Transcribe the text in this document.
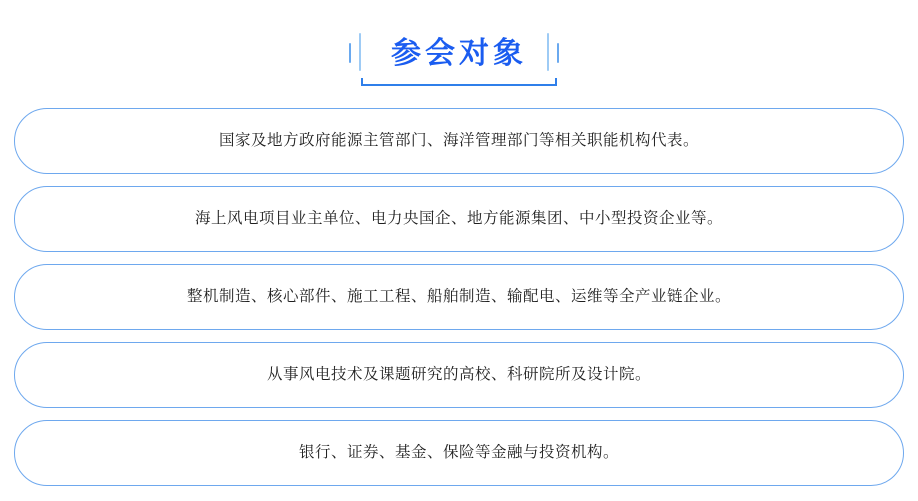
参会对象
国家及地方政府能源主管部门、海洋管理部门等相关职能机构代表。
海上风电项目业主单位、电力央国企、地方能源集团、中小型投资企业等。
整机制造、核心部件、施工工程、船舶制造、输配电、运维等全产业链企业。
从事风电技术及课题研究的高校、科研院所及设计院。
银行、证券、基金、保险等金融与投资机构。
